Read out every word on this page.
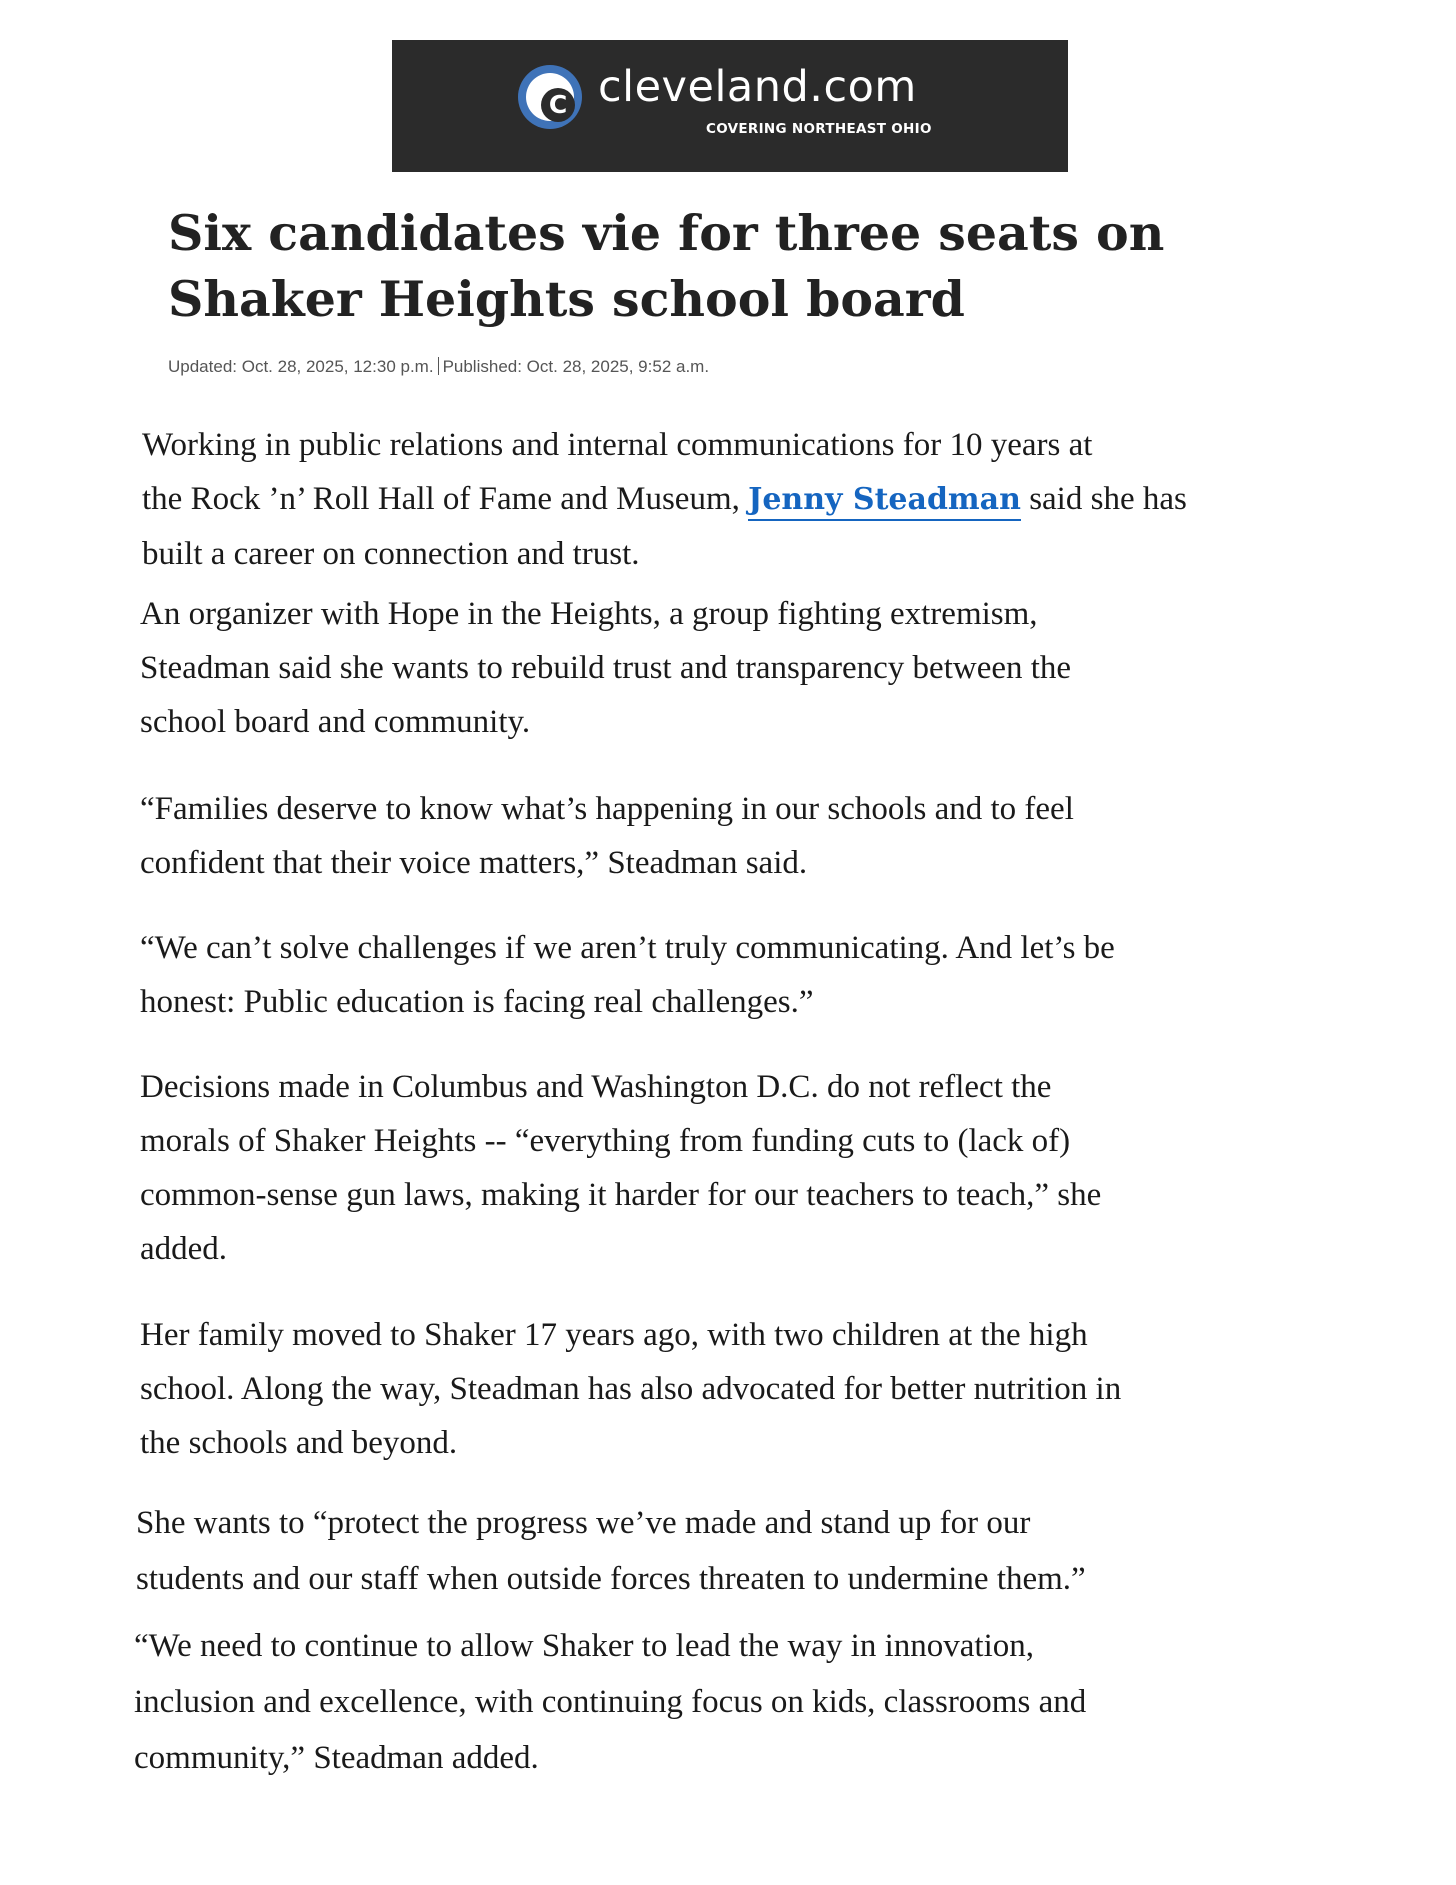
C cleveland.com
COVERING NORTHEAST OHIO
Six candidates vie for three seats on Shaker Heights school board
Updated: Oct. 28, 2025, 12:30 p.m. Published: Oct. 28, 2025, 9:52 a.m.

Working in public relations and internal communications for 10 years at
the Rock ’n’ Roll Hall of Fame and Museum, Jenny Steadman said she has
built a career on connection and trust.

An organizer with Hope in the Heights, a group fighting extremism,
Steadman said she wants to rebuild trust and transparency between the
school board and community.

“Families deserve to know what’s happening in our schools and to feel
confident that their voice matters,” Steadman said.

“We can’t solve challenges if we aren’t truly communicating. And let’s be
honest: Public education is facing real challenges.”

Decisions made in Columbus and Washington D.C. do not reflect the
morals of Shaker Heights -- “everything from funding cuts to (lack of)
common-sense gun laws, making it harder for our teachers to teach,” she
added.

Her family moved to Shaker 17 years ago, with two children at the high
school. Along the way, Steadman has also advocated for better nutrition in
the schools and beyond.

She wants to “protect the progress we’ve made and stand up for our
students and our staff when outside forces threaten to undermine them.”

“We need to continue to allow Shaker to lead the way in innovation,
inclusion and excellence, with continuing focus on kids, classrooms and
community,” Steadman added.
